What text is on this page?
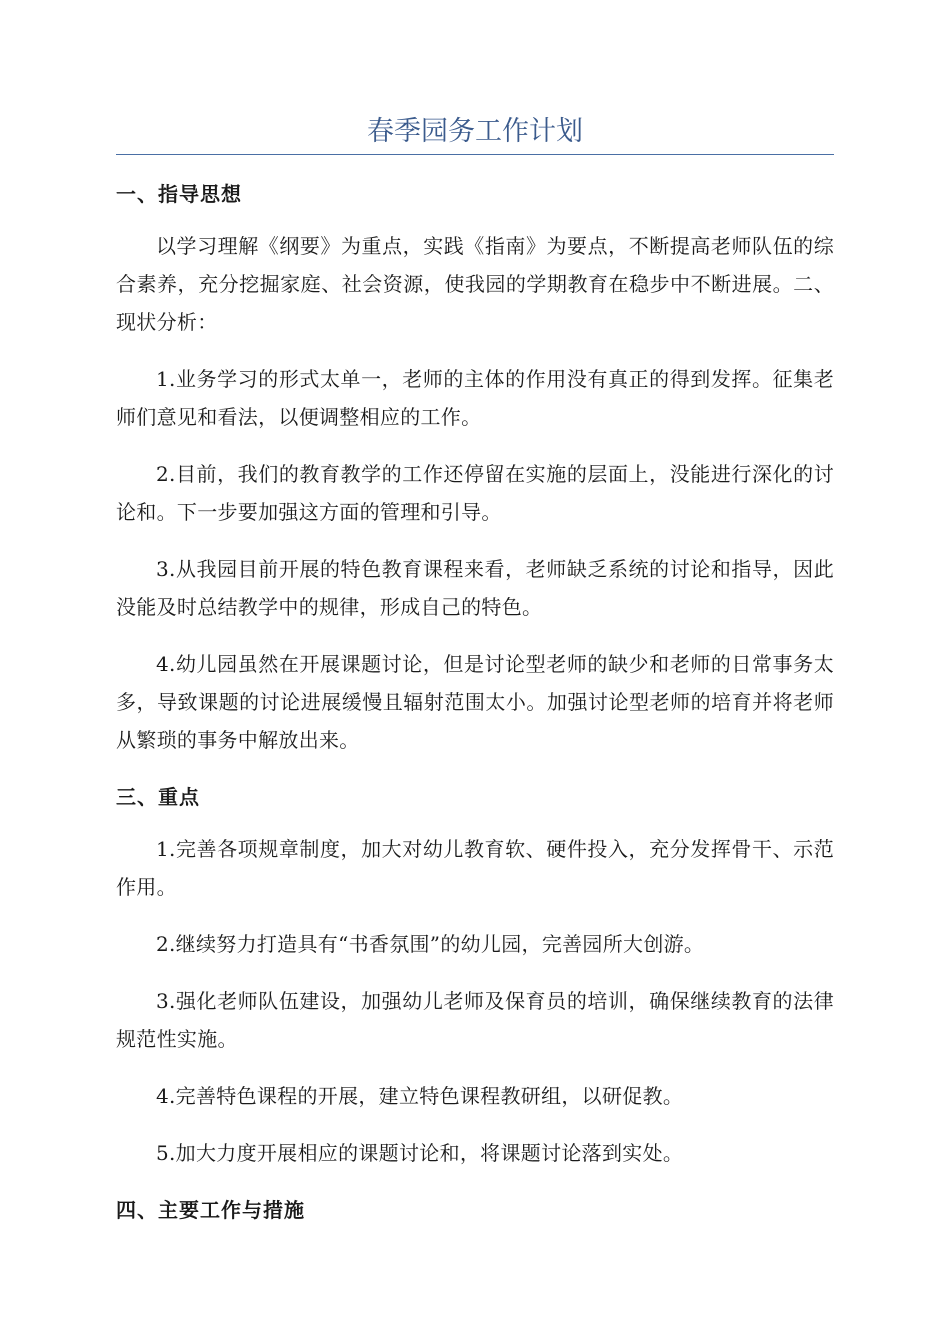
春季园务工作计划
一、指导思想

以学习理解《纲要》为重点，实践《指南》为要点，不断提高老师队伍的综合素养，充分挖掘家庭、社会资源，使我园的学期教育在稳步中不断进展。二、现状分析：

1.业务学习的形式太单一，老师的主体的作用没有真正的得到发挥。征集老师们意见和看法，以便调整相应的工作。

2.目前，我们的教育教学的工作还停留在实施的层面上，没能进行深化的讨论和。下一步要加强这方面的管理和引导。

3.从我园目前开展的特色教育课程来看，老师缺乏系统的讨论和指导，因此没能及时总结教学中的规律，形成自己的特色。

4.幼儿园虽然在开展课题讨论，但是讨论型老师的缺少和老师的日常事务太多，导致课题的讨论进展缓慢且辐射范围太小。加强讨论型老师的培育并将老师从繁琐的事务中解放出来。

三、重点

1.完善各项规章制度，加大对幼儿教育软、硬件投入，充分发挥骨干、示范作用。

2.继续努力打造具有“书香氛围”的幼儿园，完善园所大创游。

3.强化老师队伍建设，加强幼儿老师及保育员的培训，确保继续教育的法律规范性实施。

4.完善特色课程的开展，建立特色课程教研组，以研促教。

5.加大力度开展相应的课题讨论和，将课题讨论落到实处。

四、主要工作与措施
